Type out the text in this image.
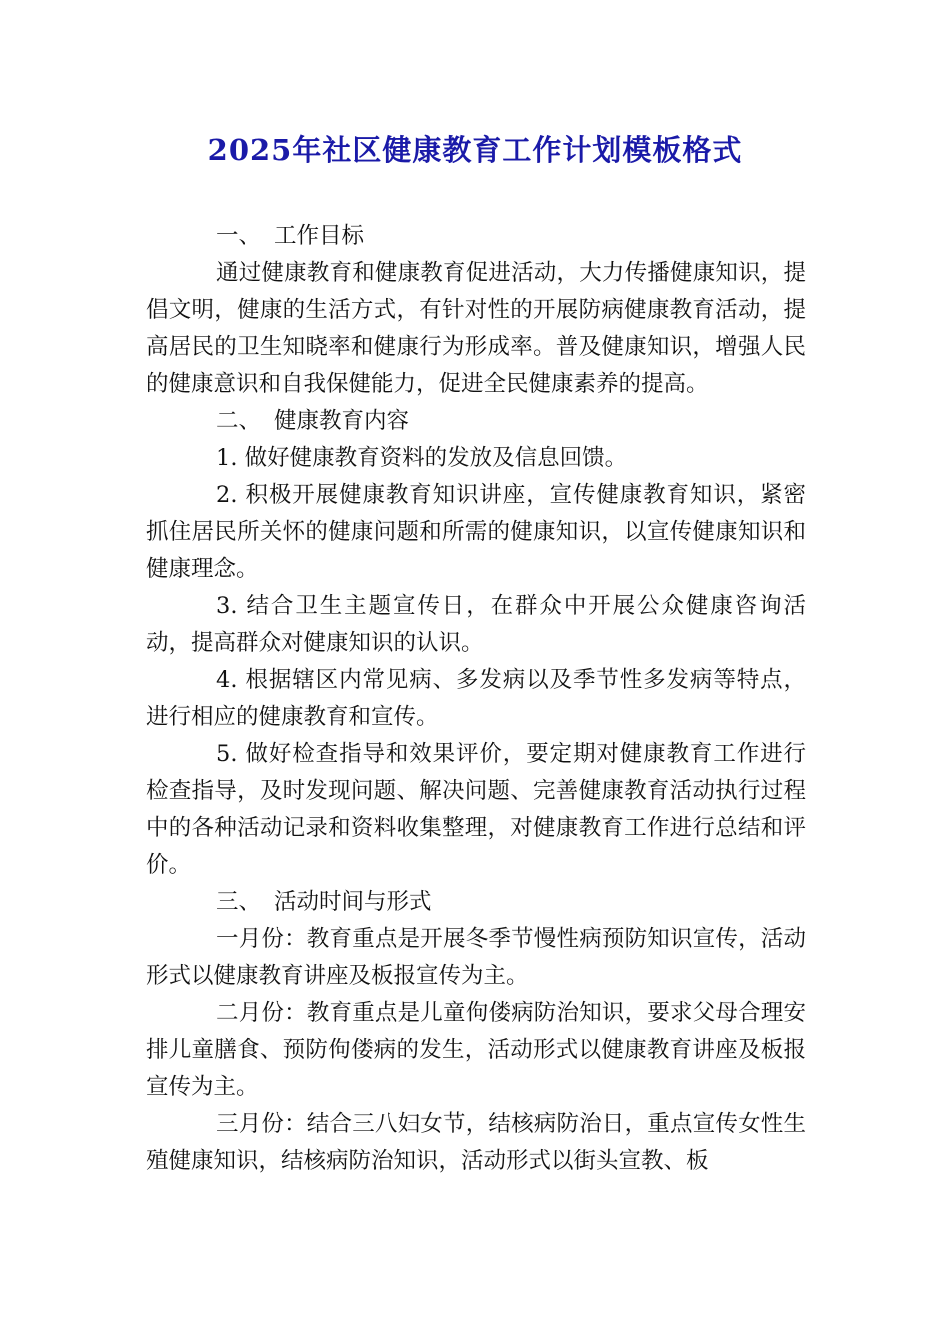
2025年社区健康教育工作计划模板格式

一、 工作目标

通过健康教育和健康教育促进活动，大力传播健康知识，提倡文明，健康的生活方式，有针对性的开展防病健康教育活动，提高居民的卫生知晓率和健康行为形成率。普及健康知识，增强人民的健康意识和自我保健能力，促进全民健康素养的提高。

二、 健康教育内容

1. 做好健康教育资料的发放及信息回馈。

2. 积极开展健康教育知识讲座，宣传健康教育知识，紧密抓住居民所关怀的健康问题和所需的健康知识，以宣传健康知识和健康理念。

3. 结合卫生主题宣传日，在群众中开展公众健康咨询活动，提高群众对健康知识的认识。

4. 根据辖区内常见病、多发病以及季节性多发病等特点，进行相应的健康教育和宣传。

5. 做好检查指导和效果评价，要定期对健康教育工作进行检查指导，及时发现问题、解决问题、完善健康教育活动执行过程中的各种活动记录和资料收集整理，对健康教育工作进行总结和评价。

三、 活动时间与形式

一月份：教育重点是开展冬季节慢性病预防知识宣传，活动形式以健康教育讲座及板报宣传为主。

二月份：教育重点是儿童佝偻病防治知识，要求父母合理安排儿童膳食、预防佝偻病的发生，活动形式以健康教育讲座及板报宣传为主。

三月份：结合三八妇女节，结核病防治日，重点宣传女性生殖健康知识，结核病防治知识，活动形式以街头宣教、板
